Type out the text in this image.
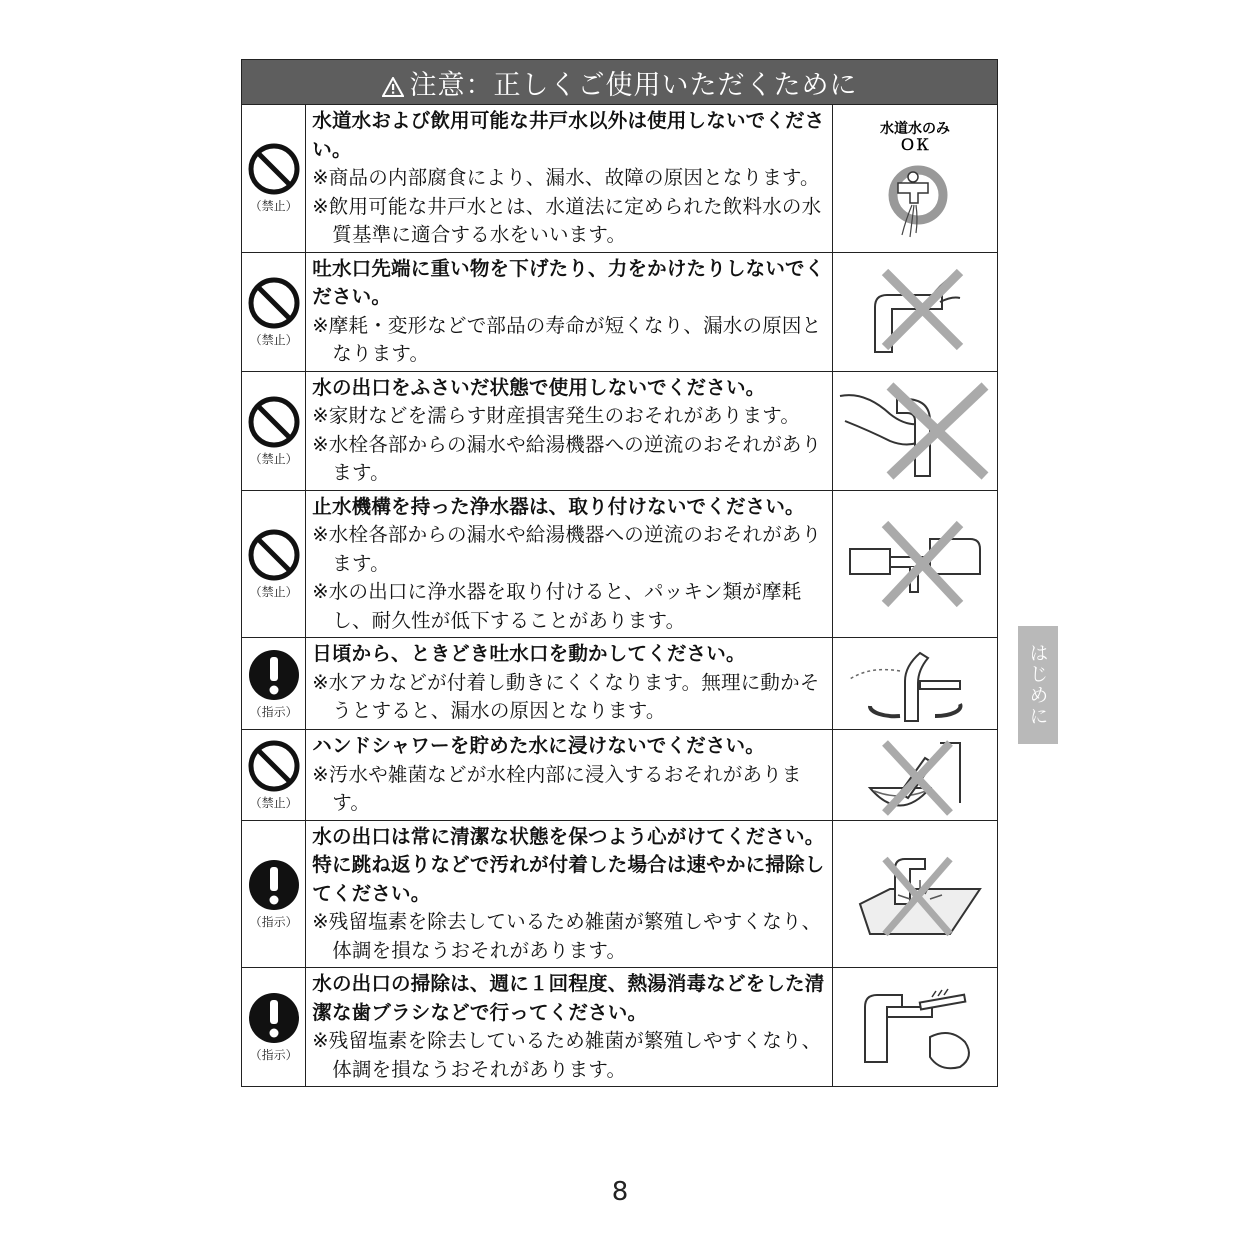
注意：正しくご使用いただくために		

（禁止）	水道水および飲用可能な井戸水以外は使用しないでください。
※商品の内部腐食により、漏水、故障の原因となります。
※飲用可能な井戸水とは、水道法に定められた飲料水の水質基準に適合する水をいいます。	水道水のみ
ＯＫ

（禁止）	吐水口先端に重い物を下げたり、力をかけたりしないでください。
※摩耗・変形などで部品の寿命が短くなり、漏水の原因となります。

（禁止）	水の出口をふさいだ状態で使用しないでください。
※家財などを濡らす財産損害発生のおそれがあります。
※水栓各部からの漏水や給湯機器への逆流のおそれがあります。

（禁止）	止水機構を持った浄水器は、取り付けないでください。
※水栓各部からの漏水や給湯機器への逆流のおそれがあります。
※水の出口に浄水器を取り付けると、パッキン類が摩耗し、耐久性が低下することがあります。

（指示）	日頃から、ときどき吐水口を動かしてください。
※水アカなどが付着し動きにくくなります。無理に動かそうとすると、漏水の原因となります。

（禁止）	ハンドシャワーを貯めた水に浸けないでください。
※汚水や雑菌などが水栓内部に浸入するおそれがあります。

（指示）	水の出口は常に清潔な状態を保つよう心がけてください。特に跳ね返りなどで汚れが付着した場合は速やかに掃除してください。
※残留塩素を除去しているため雑菌が繁殖しやすくなり、体調を損なうおそれがあります。

（指示）	水の出口の掃除は、週に１回程度、熱湯消毒などをした清潔な歯ブラシなどで行ってください。
※残留塩素を除去しているため雑菌が繁殖しやすくなり、体調を損なうおそれがあります。

はじめに
8
